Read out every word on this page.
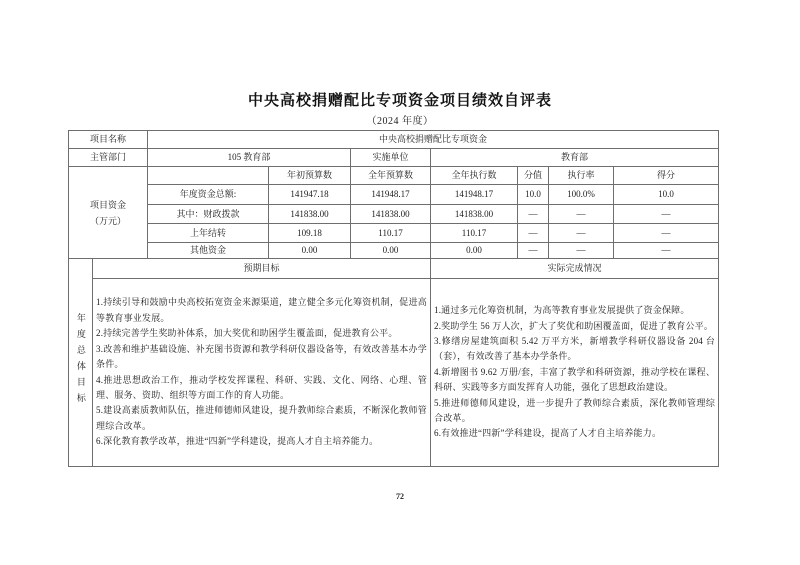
中央高校捐赠配比专项资金项目绩效自评表
（2024 年度）
项目名称		中央高校捐赠配比专项资金						
主管部门		105 教育部		实施单位	教育部			

项目资金
（万元）			年初预算数	全年预算数	全年执行数	分值	执行率	得分
		年度资金总额:	141947.18	141948.17	141948.17	10.0	100.0%	10.0
		其中：财政拨款	141838.00	141838.00	141838.00	—	—	—
		上年结转	109.18	110.17	110.17	—	—	—
		其他资金	0.00	0.00	0.00	—	—	—
年度总体目标	预期目标				实际完成情况			

1.持续引导和鼓励中央高校拓宽资金来源渠道，建立健全多元化筹资机制，促进高等教育事业发展。
2.持续完善学生奖助补体系，加大奖优和助困学生覆盖面，促进教育公平。
3.改善和维护基础设施、补充图书资源和教学科研仪器设备等，有效改善基本办学条件。
4.推进思想政治工作，推动学校发挥课程、科研、实践、文化、网络、心理、管理、服务、资助、组织等方面工作的育人功能。
5.建设高素质教师队伍，推进师德师风建设，提升教师综合素质，不断深化教师管理综合改革。
6.深化教育教学改革，推进“四新”学科建设，提高人才自主培养能力。

1.通过多元化筹资机制，为高等教育事业发展提供了资金保障。
2.奖助学生 56 万人次，扩大了奖优和助困覆盖面，促进了教育公平。
3.修缮房屋建筑面积 5.42 万平方米，新增教学科研仪器设备 204 台（套），有效改善了基本办学条件。
4.新增图书 9.62 万册/套，丰富了教学和科研资源，推动学校在课程、科研、实践等多方面发挥育人功能，强化了思想政治建设。
5.推进师德师风建设，进一步提升了教师综合素质，深化教师管理综合改革。
6.有效推进“四新”学科建设，提高了人才自主培养能力。
72
